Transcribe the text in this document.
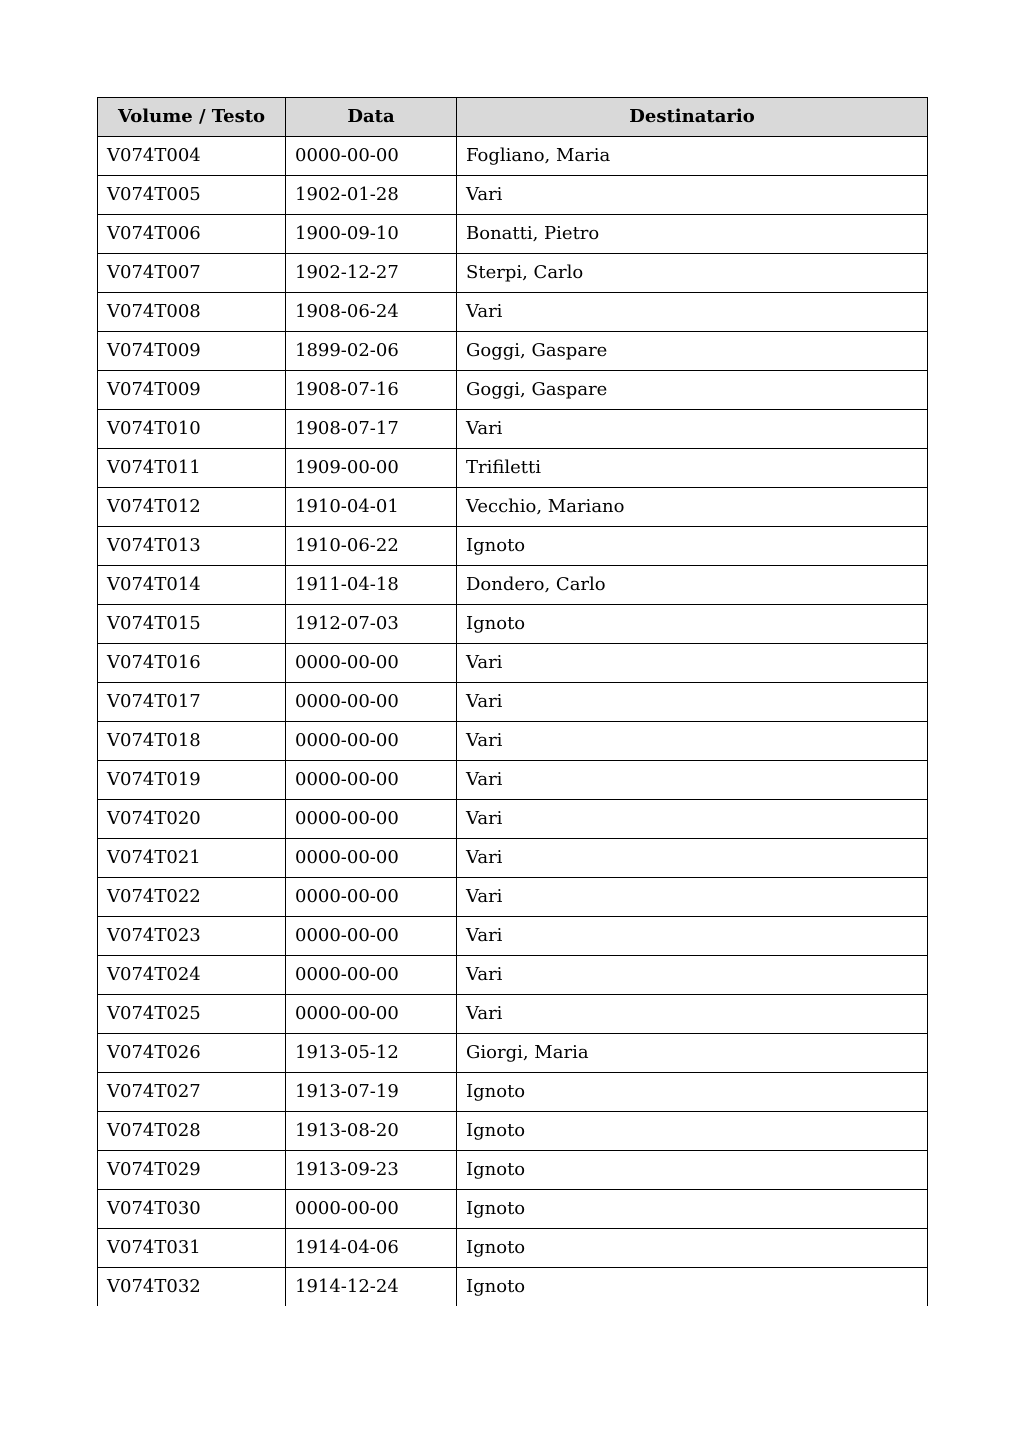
Volume / Testo	Data	Destinatario
V074T004	0000-00-00	Fogliano, Maria
V074T005	1902-01-28	Vari
V074T006	1900-09-10	Bonatti, Pietro
V074T007	1902-12-27	Sterpi, Carlo
V074T008	1908-06-24	Vari
V074T009	1899-02-06	Goggi, Gaspare
V074T009	1908-07-16	Goggi, Gaspare
V074T010	1908-07-17	Vari
V074T011	1909-00-00	Trifiletti
V074T012	1910-04-01	Vecchio, Mariano
V074T013	1910-06-22	Ignoto
V074T014	1911-04-18	Dondero, Carlo
V074T015	1912-07-03	Ignoto
V074T016	0000-00-00	Vari
V074T017	0000-00-00	Vari
V074T018	0000-00-00	Vari
V074T019	0000-00-00	Vari
V074T020	0000-00-00	Vari
V074T021	0000-00-00	Vari
V074T022	0000-00-00	Vari
V074T023	0000-00-00	Vari
V074T024	0000-00-00	Vari
V074T025	0000-00-00	Vari
V074T026	1913-05-12	Giorgi, Maria
V074T027	1913-07-19	Ignoto
V074T028	1913-08-20	Ignoto
V074T029	1913-09-23	Ignoto
V074T030	0000-00-00	Ignoto
V074T031	1914-04-06	Ignoto
V074T032	1914-12-24	Ignoto
